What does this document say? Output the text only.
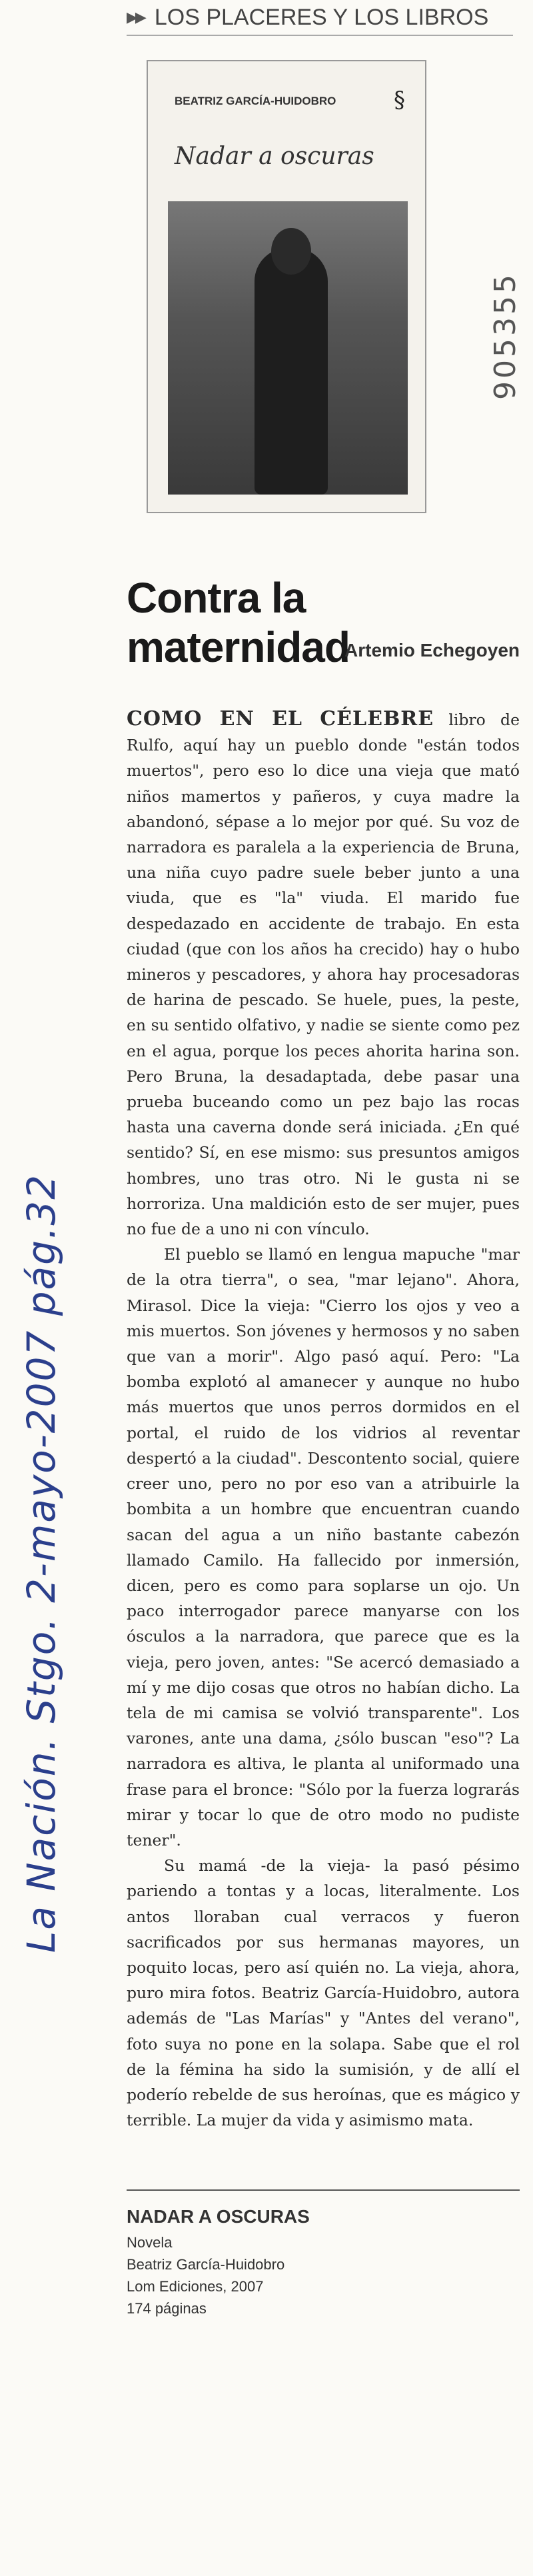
▶▶ LOS PLACERES Y LOS LIBROS
BEATRIZ GARCÍA-HUIDOBRO	§
Nadar a oscuras
Contra la maternidad
Artemio Echegoyen

COMO EN EL CÉLEBRE libro de Rulfo, aquí hay un pueblo donde "están todos muertos", pero eso lo dice una vieja que mató niños mamertos y pañeros, y cuya madre la abandonó, sépase a lo mejor por qué. Su voz de narradora es paralela a la experiencia de Bruna, una niña cuyo padre suele beber junto a una viuda, que es "la" viuda. El marido fue despedazado en accidente de trabajo. En esta ciudad (que con los años ha crecido) hay o hubo mineros y pescadores, y ahora hay procesadoras de harina de pescado. Se huele, pues, la peste, en su sentido olfativo, y nadie se siente como pez en el agua, porque los peces ahorita harina son. Pero Bruna, la desadaptada, debe pasar una prueba buceando como un pez bajo las rocas hasta una caverna donde será iniciada. ¿En qué sentido? Sí, en ese mismo: sus presuntos amigos hombres, uno tras otro. Ni le gusta ni se horroriza. Una maldición esto de ser mujer, pues no fue de a uno ni con vínculo.

El pueblo se llamó en lengua mapuche "mar de la otra tierra", o sea, "mar lejano". Ahora, Mirasol. Dice la vieja: "Cierro los ojos y veo a mis muertos. Son jóvenes y hermosos y no saben que van a morir". Algo pasó aquí. Pero: "La bomba explotó al amanecer y aunque no hubo más muertos que unos perros dormidos en el portal, el ruido de los vidrios al reventar despertó a la ciudad". Descontento social, quiere creer uno, pero no por eso van a atribuirle la bombita a un hombre que encuentran cuando sacan del agua a un niño bastante cabezón llamado Camilo. Ha fallecido por inmersión, dicen, pero es como para soplarse un ojo. Un paco interrogador parece manyarse con los ósculos a la narradora, que parece que es la vieja, pero joven, antes: "Se acercó demasiado a mí y me dijo cosas que otros no habían dicho. La tela de mi camisa se volvió transparente". Los varones, ante una dama, ¿sólo buscan "eso"? La narradora es altiva, le planta al uniformado una frase para el bronce: "Sólo por la fuerza lograrás mirar y tocar lo que de otro modo no pudiste tener".

Su mamá -de la vieja- la pasó pésimo pariendo a tontas y a locas, literalmente. Los antos lloraban cual verracos y fueron sacrificados por sus hermanas mayores, un poquito locas, pero así quién no. La vieja, ahora, puro mira fotos. Beatriz García-Huidobro, autora además de "Las Marías" y "Antes del verano", foto suya no pone en la solapa. Sabe que el rol de la fémina ha sido la sumisión, y de allí el poderío rebelde de sus heroínas, que es mágico y terrible. La mujer da vida y asimismo mata.

NADAR A OSCURAS
Novela
Beatriz García-Huidobro
Lom Ediciones, 2007
174 páginas
La Nación. Stgo. 2-mayo-2007 pág.32
905355
